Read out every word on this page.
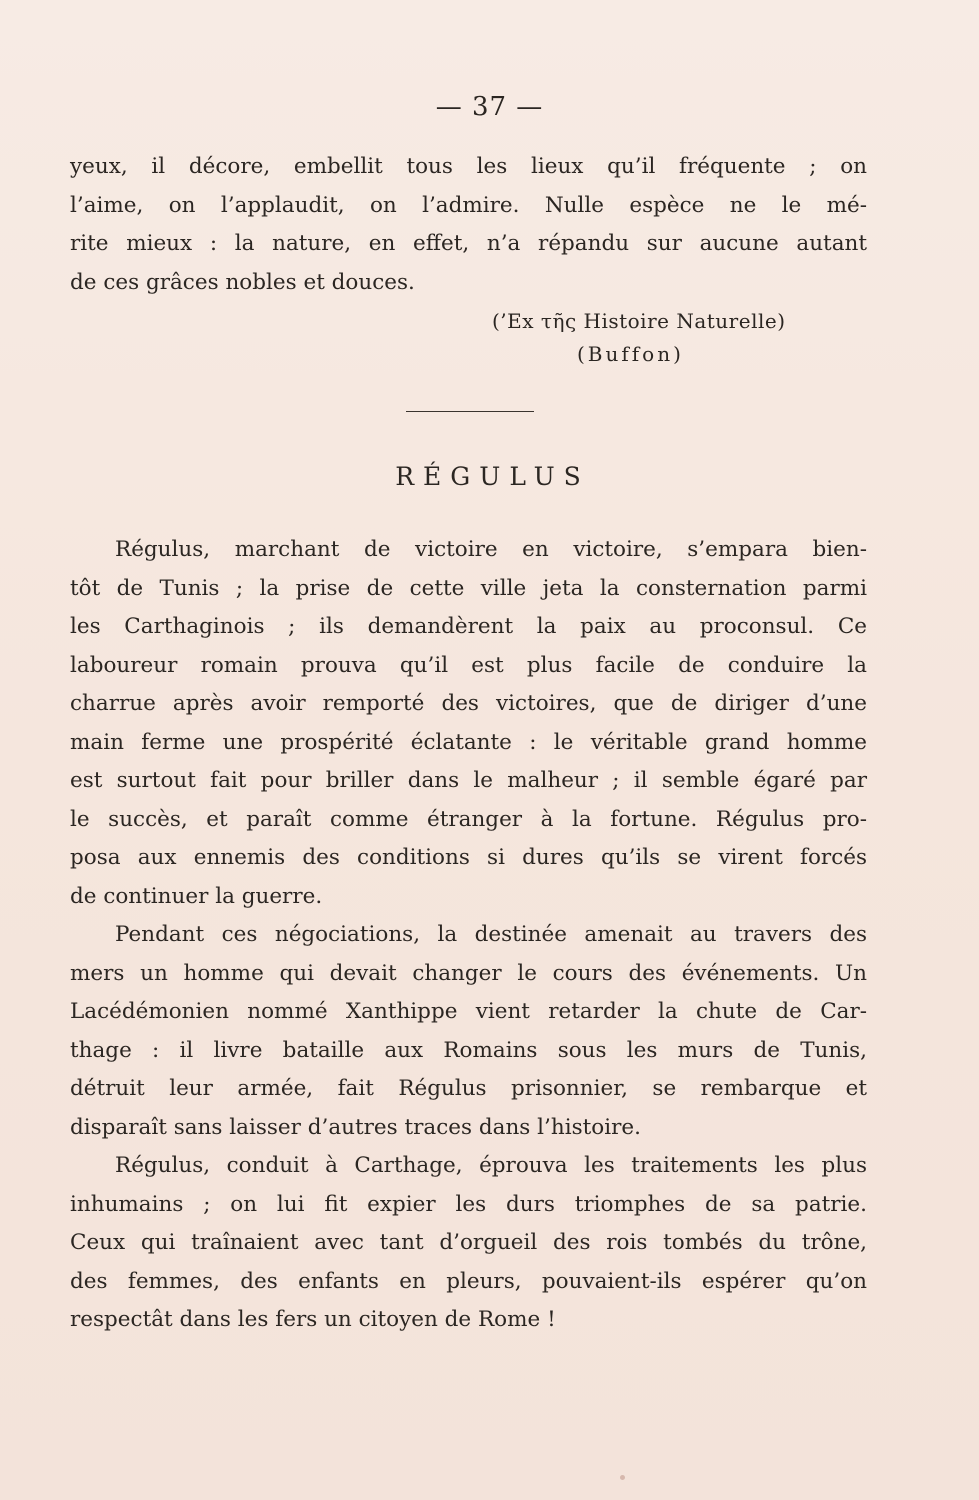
— 37 —
yeux, il décore, embellit tous les lieux qu’il fréquente ; on
l’aime, on l’applaudit, on l’admire. Nulle espèce ne le mé-
rite mieux : la nature, en effet, n’a répandu sur aucune autant
de ces grâces nobles et douces.
(’Ex τῆς Histoire Naturelle)
(Buffon)
RÉGULUS
Régulus, marchant de victoire en victoire, s’empara bien-
tôt de Tunis ; la prise de cette ville jeta la consternation parmi
les Carthaginois ; ils demandèrent la paix au proconsul. Ce
laboureur romain prouva qu’il est plus facile de conduire la
charrue après avoir remporté des victoires, que de diriger d’une
main ferme une prospérité éclatante : le véritable grand homme
est surtout fait pour briller dans le malheur ; il semble égaré par
le succès, et paraît comme étranger à la fortune. Régulus pro-
posa aux ennemis des conditions si dures qu’ils se virent forcés
de continuer la guerre.
Pendant ces négociations, la destinée amenait au travers des
mers un homme qui devait changer le cours des événements. Un
Lacédémonien nommé Xanthippe vient retarder la chute de Car-
thage : il livre bataille aux Romains sous les murs de Tunis,
détruit leur armée, fait Régulus prisonnier, se rembarque et
disparaît sans laisser d’autres traces dans l’histoire.
Régulus, conduit à Carthage, éprouva les traitements les plus
inhumains ; on lui fit expier les durs triomphes de sa patrie.
Ceux qui traînaient avec tant d’orgueil des rois tombés du trône,
des femmes, des enfants en pleurs, pouvaient-ils espérer qu’on
respectât dans les fers un citoyen de Rome !
